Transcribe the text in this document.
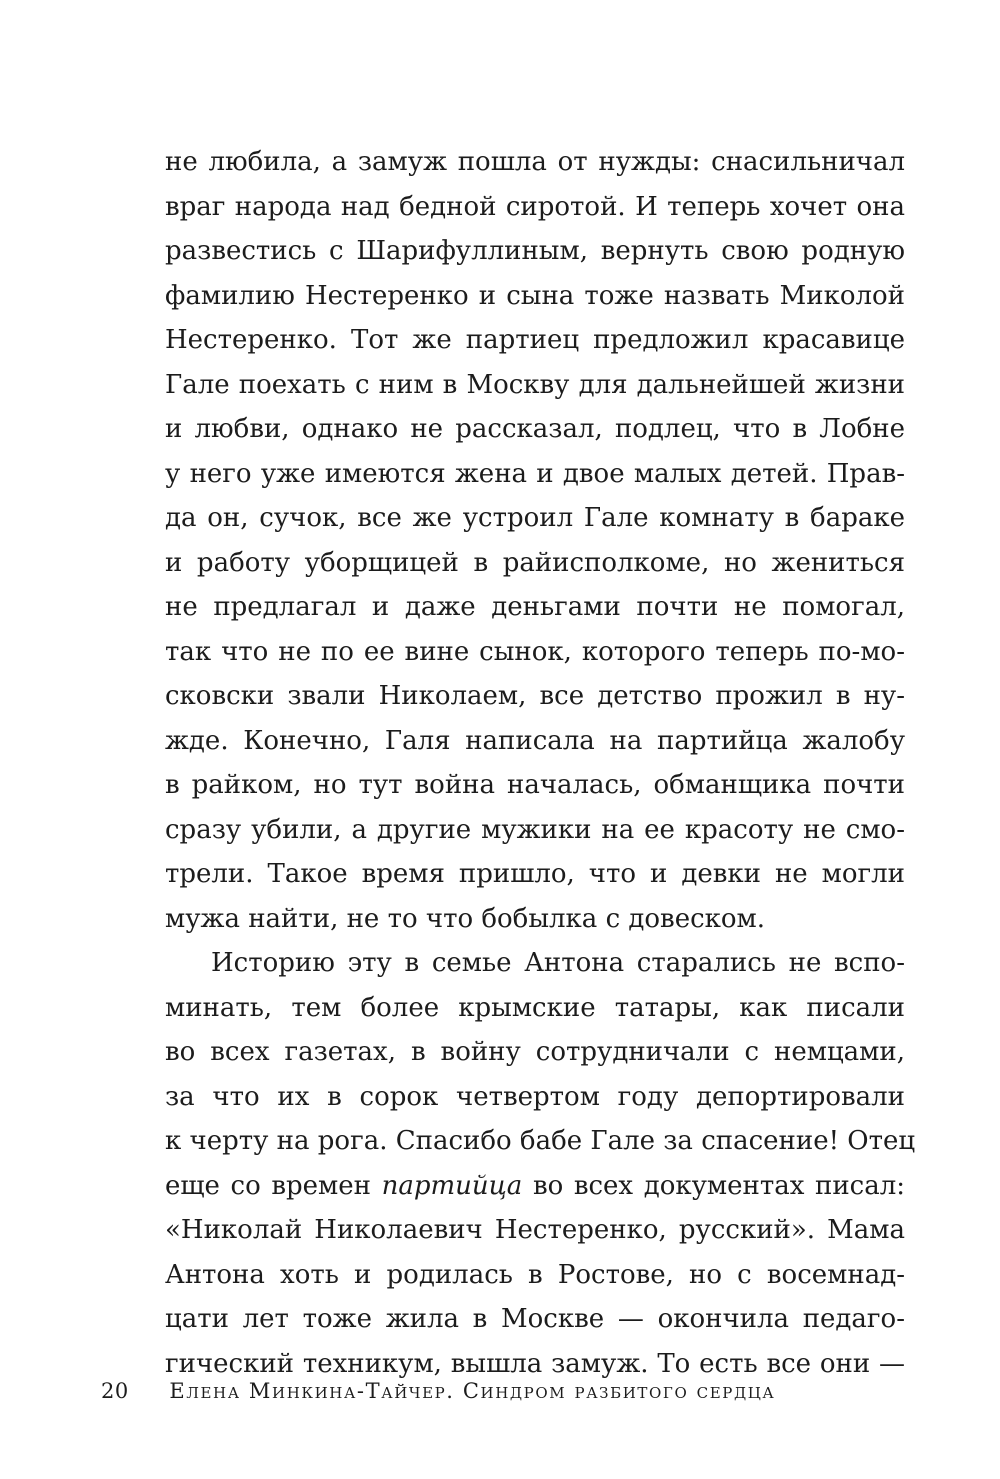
не любила, а замуж пошла от нужды: снасильничал
враг народа над бедной сиротой. И теперь хочет она
развестись с Шарифуллиным, вернуть свою родную
фамилию Нестеренко и сына тоже назвать Миколой
Нестеренко. Тот же партиец предложил красавице
Гале поехать с ним в Москву для дальнейшей жизни
и любви, однако не рассказал, подлец, что в Лобне
у него уже имеются жена и двое малых детей. Прав-
да он, сучок, все же устроил Гале комнату в бараке
и работу уборщицей в райисполкоме, но жениться
не предлагал и даже деньгами почти не помогал,
так что не по ее вине сынок, которого теперь по-мо-
сковски звали Николаем, все детство прожил в ну-
жде. Конечно, Галя написала на партийца жалобу
в райком, но тут война началась, обманщика почти
сразу убили, а другие мужики на ее красоту не смо-
трели. Такое время пришло, что и девки не могли
мужа найти, не то что бобылка с довеском.
Историю эту в семье Антона старались не вспо-
минать, тем более крымские татары, как писали
во всех газетах, в войну сотрудничали с немцами,
за что их в сорок четвертом году депортировали
к черту на рога. Спасибо бабе Гале за спасение! Отец
еще со времен партийца во всех документах писал:
«Николай Николаевич Нестеренко, русский». Мама
Антона хоть и родилась в Ростове, но с восемнад-
цати лет тоже жила в Москве — окончила педаго-
гический техникум, вышла замуж. То есть все они —
20 Елена Минкина-Тайчер. Синдром разбитого сердца
